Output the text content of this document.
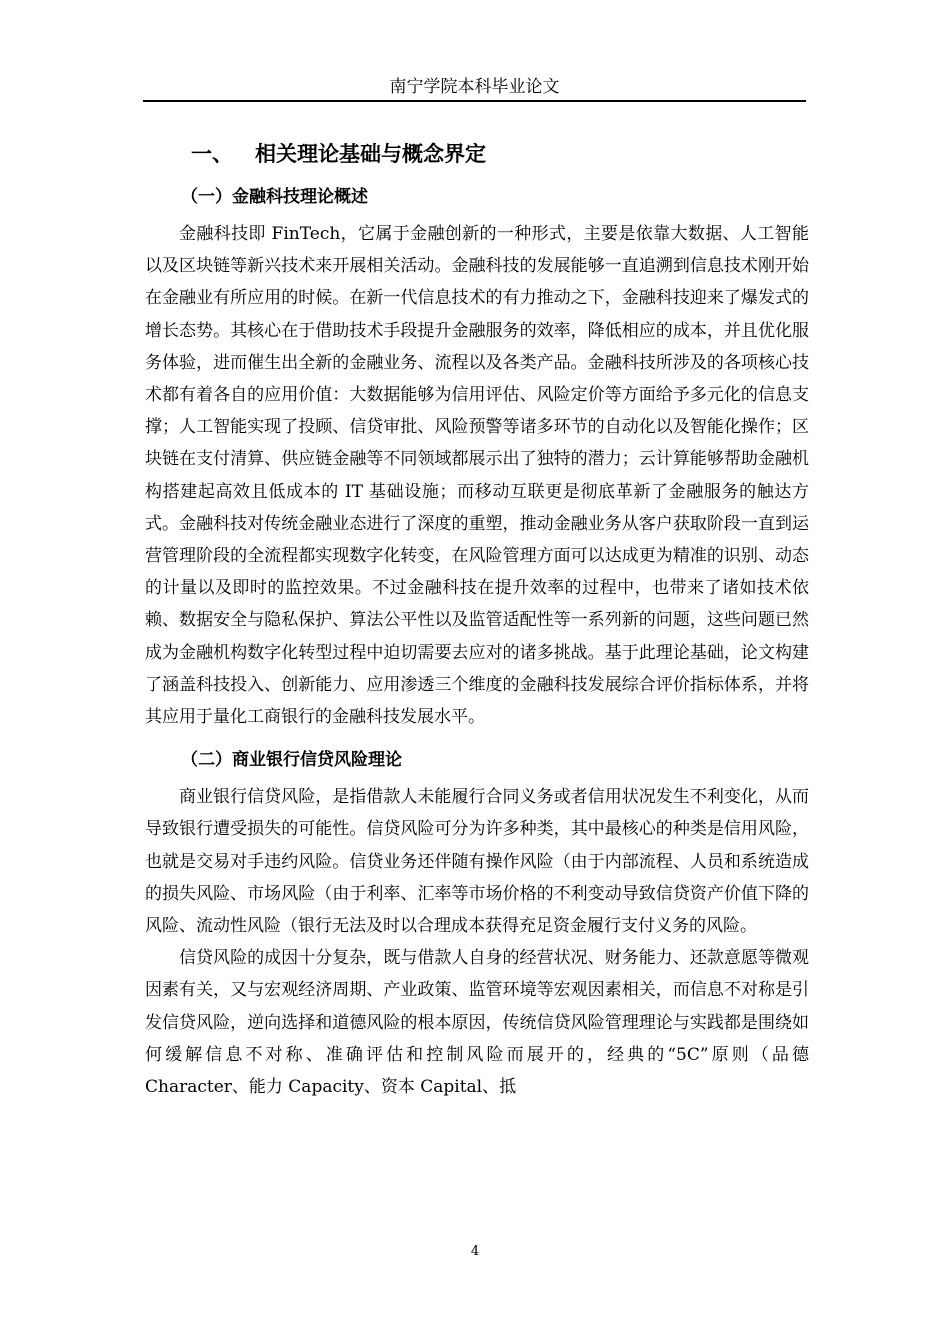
南宁学院本科毕业论文
一、 相关理论基础与概念界定
（一）金融科技理论概述

金融科技即 FinTech，它属于金融创新的一种形式，主要是依靠大数据、人工智能以及区块链等新兴技术来开展相关活动。金融科技的发展能够一直追溯到信息技术刚开始在金融业有所应用的时候。在新一代信息技术的有力推动之下，金融科技迎来了爆发式的增长态势。其核心在于借助技术手段提升金融服务的效率，降低相应的成本，并且优化服务体验，进而催生出全新的金融业务、流程以及各类产品。金融科技所涉及的各项核心技术都有着各自的应用价值：大数据能够为信用评估、风险定价等方面给予多元化的信息支撑；人工智能实现了投顾、信贷审批、风险预警等诸多环节的自动化以及智能化操作；区块链在支付清算、供应链金融等不同领域都展示出了独特的潜力；云计算能够帮助金融机构搭建起高效且低成本的 IT 基础设施；而移动互联更是彻底革新了金融服务的触达方式。金融科技对传统金融业态进行了深度的重塑，推动金融业务从客户获取阶段一直到运营管理阶段的全流程都实现数字化转变，在风险管理方面可以达成更为精准的识别、动态的计量以及即时的监控效果。不过金融科技在提升效率的过程中，也带来了诸如技术依赖、数据安全与隐私保护、算法公平性以及监管适配性等一系列新的问题，这些问题已然成为金融机构数字化转型过程中迫切需要去应对的诸多挑战。基于此理论基础，论文构建了涵盖科技投入、创新能力、应用渗透三个维度的金融科技发展综合评价指标体系，并将其应用于量化工商银行的金融科技发展水平。

（二）商业银行信贷风险理论

商业银行信贷风险，是指借款人未能履行合同义务或者信用状况发生不利变化，从而导致银行遭受损失的可能性。信贷风险可分为许多种类，其中最核心的种类是信用风险，也就是交易对手违约风险。信贷业务还伴随有操作风险（由于内部流程、人员和系统造成的损失风险、市场风险（由于利率、汇率等市场价格的不利变动导致信贷资产价值下降的风险、流动性风险（银行无法及时以合理成本获得充足资金履行支付义务的风险。

信贷风险的成因十分复杂，既与借款人自身的经营状况、财务能力、还款意愿等微观因素有关，又与宏观经济周期、产业政策、监管环境等宏观因素相关，而信息不对称是引发信贷风险，逆向选择和道德风险的根本原因，传统信贷风险管理理论与实践都是围绕如何缓解信息不对称、准确评估和控制风险而展开的，经典的“5C”原则（品德 Character、能力 Capacity、资本 Capital、抵

4
